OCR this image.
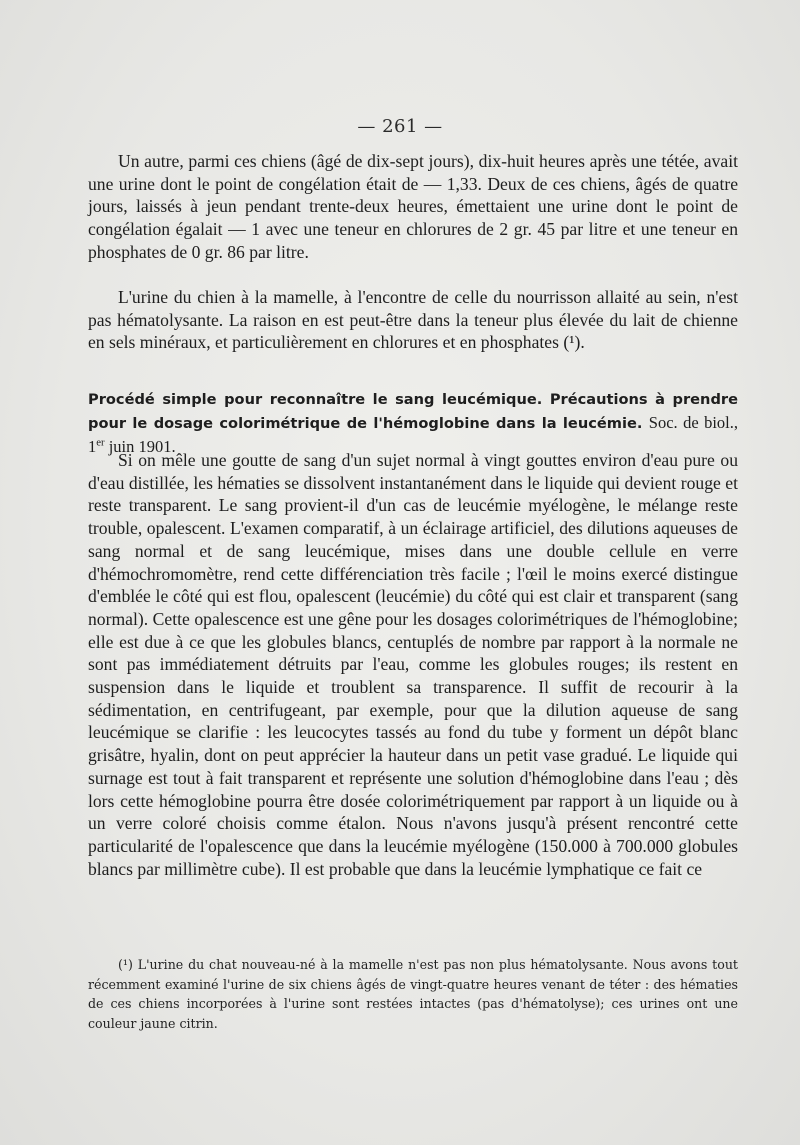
— 261 —

Un autre, parmi ces chiens (âgé de dix-sept jours), dix-huit heures après une tétée, avait une urine dont le point de congélation était de — 1,33. Deux de ces chiens, âgés de quatre jours, laissés à jeun pendant trente-deux heures, émettaient une urine dont le point de congélation égalait — 1 avec une teneur en chlorures de 2 gr. 45 par litre et une teneur en phosphates de 0 gr. 86 par litre.

L'urine du chien à la mamelle, à l'encontre de celle du nourrisson allaité au sein, n'est pas hématolysante. La raison en est peut-être dans la teneur plus élevée du lait de chienne en sels minéraux, et particulièrement en chlorures et en phosphates (¹).

Procédé simple pour reconnaître le sang leucémique. Précautions à prendre pour le dosage colorimétrique de l'hémoglobine dans la leucémie. Soc. de biol., 1er juin 1901.

Si on mêle une goutte de sang d'un sujet normal à vingt gouttes environ d'eau pure ou d'eau distillée, les hématies se dissolvent instantanément dans le liquide qui devient rouge et reste transparent. Le sang provient-il d'un cas de leucémie myélogène, le mélange reste trouble, opalescent. L'examen comparatif, à un éclairage artificiel, des dilutions aqueuses de sang normal et de sang leucémique, mises dans une double cellule en verre d'hémochromomètre, rend cette différenciation très facile ; l'œil le moins exercé distingue d'emblée le côté qui est flou, opalescent (leucémie) du côté qui est clair et transparent (sang normal). Cette opalescence est une gêne pour les dosages colorimétriques de l'hémoglobine; elle est due à ce que les globules blancs, centuplés de nombre par rapport à la normale ne sont pas immédiatement détruits par l'eau, comme les globules rouges; ils restent en suspension dans le liquide et troublent sa transparence. Il suffit de recourir à la sédimentation, en centrifugeant, par exemple, pour que la dilution aqueuse de sang leucémique se clarifie : les leucocytes tassés au fond du tube y forment un dépôt blanc grisâtre, hyalin, dont on peut apprécier la hauteur dans un petit vase gradué. Le liquide qui surnage est tout à fait transparent et représente une solution d'hémoglobine dans l'eau ; dès lors cette hémoglobine pourra être dosée colorimétriquement par rapport à un liquide ou à un verre coloré choisis comme étalon. Nous n'avons jusqu'à présent rencontré cette particularité de l'opalescence que dans la leucémie myélogène (150.000 à 700.000 globules blancs par millimètre cube). Il est probable que dans la leucémie lymphatique ce fait ce

(¹) L'urine du chat nouveau-né à la mamelle n'est pas non plus hématolysante. Nous avons tout récemment examiné l'urine de six chiens âgés de vingt-quatre heures venant de téter : des hématies de ces chiens incorporées à l'urine sont restées intactes (pas d'hématolyse); ces urines ont une couleur jaune citrin.
